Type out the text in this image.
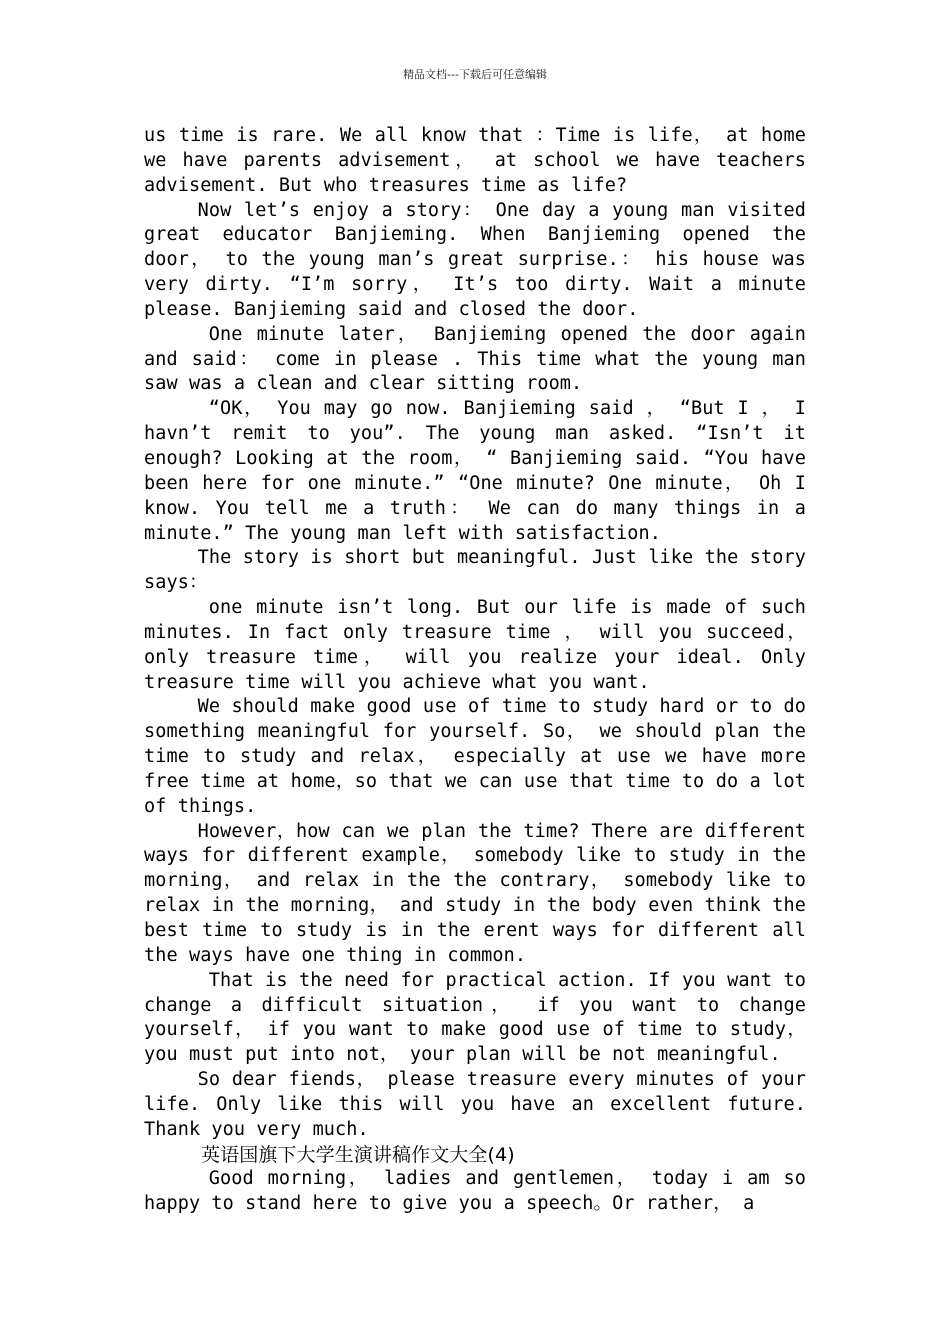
精品文档---下载后可任意编辑

us time is rare. We all know that ：Time is life， at home we have parents advisement， at school we have teachers advisement. But who treasures time as life?

Now let’s enjoy a story： One day a young man visited great educator Banjieming. When Banjieming opened the door， to the young man’s great surprise.： his house was very dirty. “I’m sorry， It’s too dirty. Wait a minute please. Banjieming said and closed the door.

One minute later， Banjieming opened the door again and said： come in please . This time what the young man saw was a clean and clear sitting room.

“OK， You may go now. Banjieming said ， “But I ， I havn’t remit to you”. The young man asked. “Isn’t it enough? Looking at the room， “ Banjieming said. “You have been here for one minute.” “One minute? One minute， Oh I know. You tell me a truth： We can do many things in a minute.” The young man left with satisfaction.

The story is short but meaningful. Just like the story says：

one minute isn’t long. But our life is made of such minutes. In fact only treasure time ， will you succeed， only treasure time， will you realize your ideal. Only treasure time will you achieve what you want.

We should make good use of time to study hard or to do something meaningful for yourself. So， we should plan the time to study and relax， especially at use we have more free time at home，so that we can use that time to do a lot of things.

However，how can we plan the time? There are different ways for different example， somebody like to study in the morning， and relax in the the contrary， somebody like to relax in the morning， and study in the body even think the best time to study is in the erent ways for different all the ways have one thing in common.

That is the need for practical action. If you want to change a difficult situation， if you want to change yourself， if you want to make good use of time to study， you must put into not， your plan will be not meaningful.

So dear fiends， please treasure every minutes of your life. Only like this will you have an excellent future. Thank you very much.

英语国旗下大学生演讲稿作文大全(4)

Good morning， ladies and gentlemen， today i am so happy to stand here to give you a speech。Or rather， a
